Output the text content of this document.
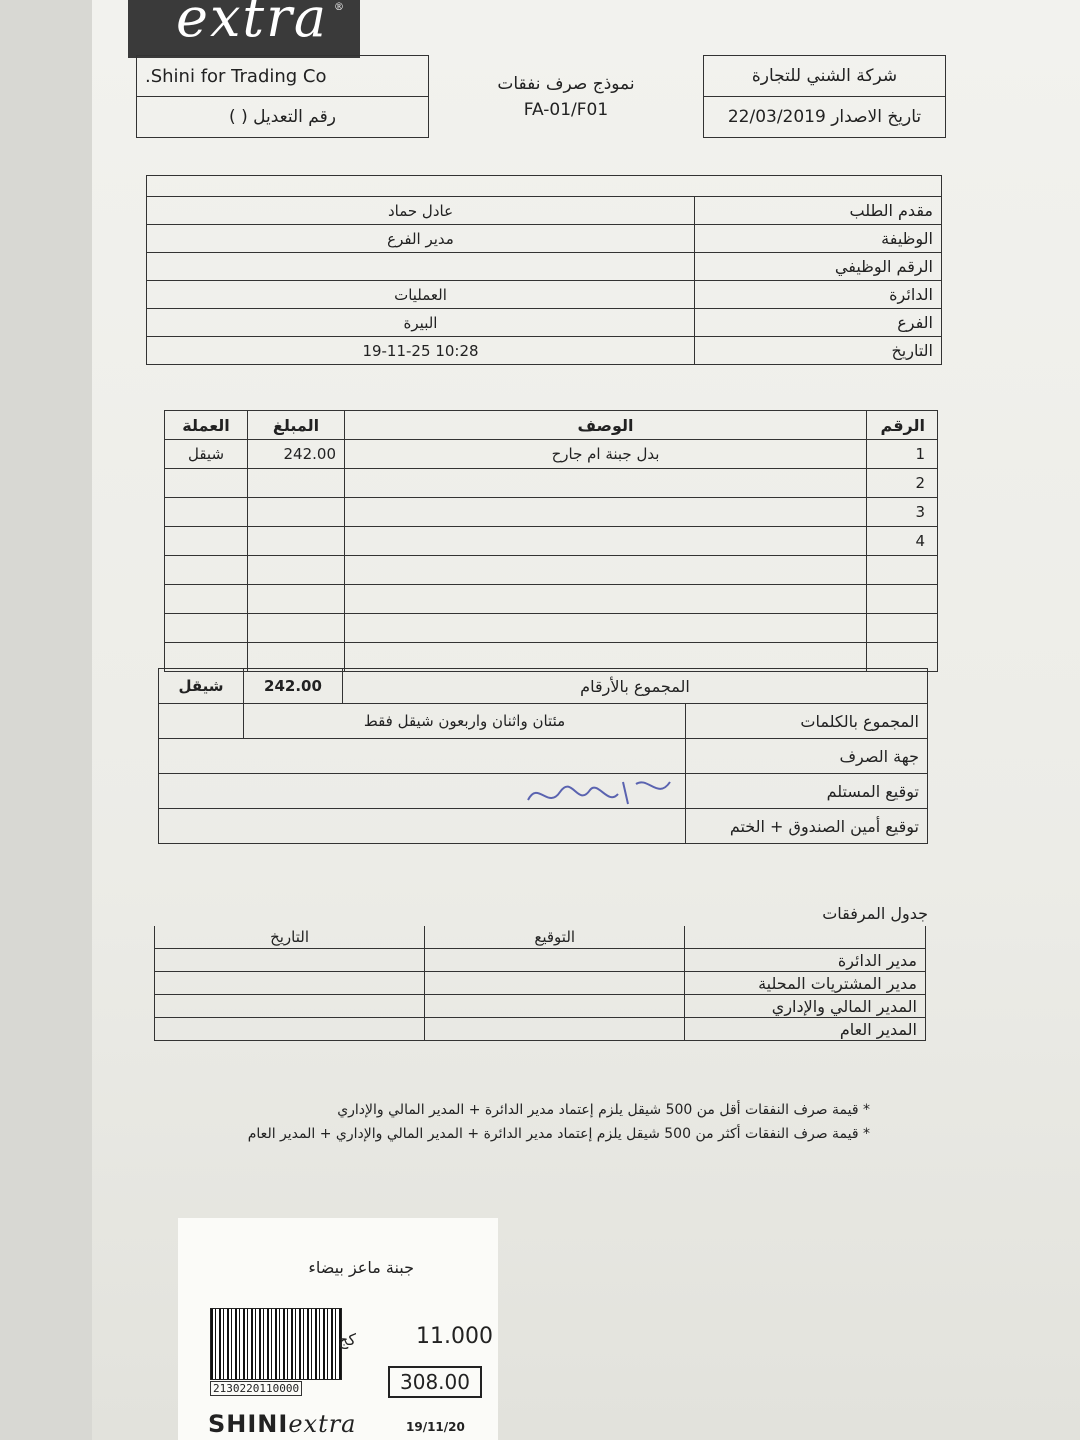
extra ®
.Shini for Trading Co	نموذج صرف نفقات
FA-01/F01	شركة الشني للتجارة
رقم التعديل ( )		تاريخ الاصدار 22/03/2019

عادل حماد	مقدم الطلب
مدير الفرع	الوظيفة
	الرقم الوظيفي
العمليات	الدائرة
البيرة	الفرع
10:28 19-11-25	التاريخ
العملة	المبلغ	الوصف	الرقم
شيقل	242.00	بدل جبنة ام جارح	1
			2
			3
			4

شيقل	242.00	المجموع بالأرقام	
	مئتان واثنان واربعون شيقل فقط		المجموع بالكلمات
			جهة الصرف
			توقيع المستلم
			توقيع أمين الصندوق + الختم
جدول المرفقات
التاريخ	التوقيع	
		مدير الدائرة
		مدير المشتريات المحلية
		المدير المالي والإداري
		المدير العام
* قيمة صرف النفقات أقل من 500 شيقل يلزم إعتماد مدير الدائرة + المدير المالي والإداري
* قيمة صرف النفقات أكثر من 500 شيقل يلزم إعتماد مدير الدائرة + المدير المالي والإداري + المدير العام
جبنة ماعز بيضاء
2130220110000
كج	11.000
308.00
SHINIextra	19/11/20
